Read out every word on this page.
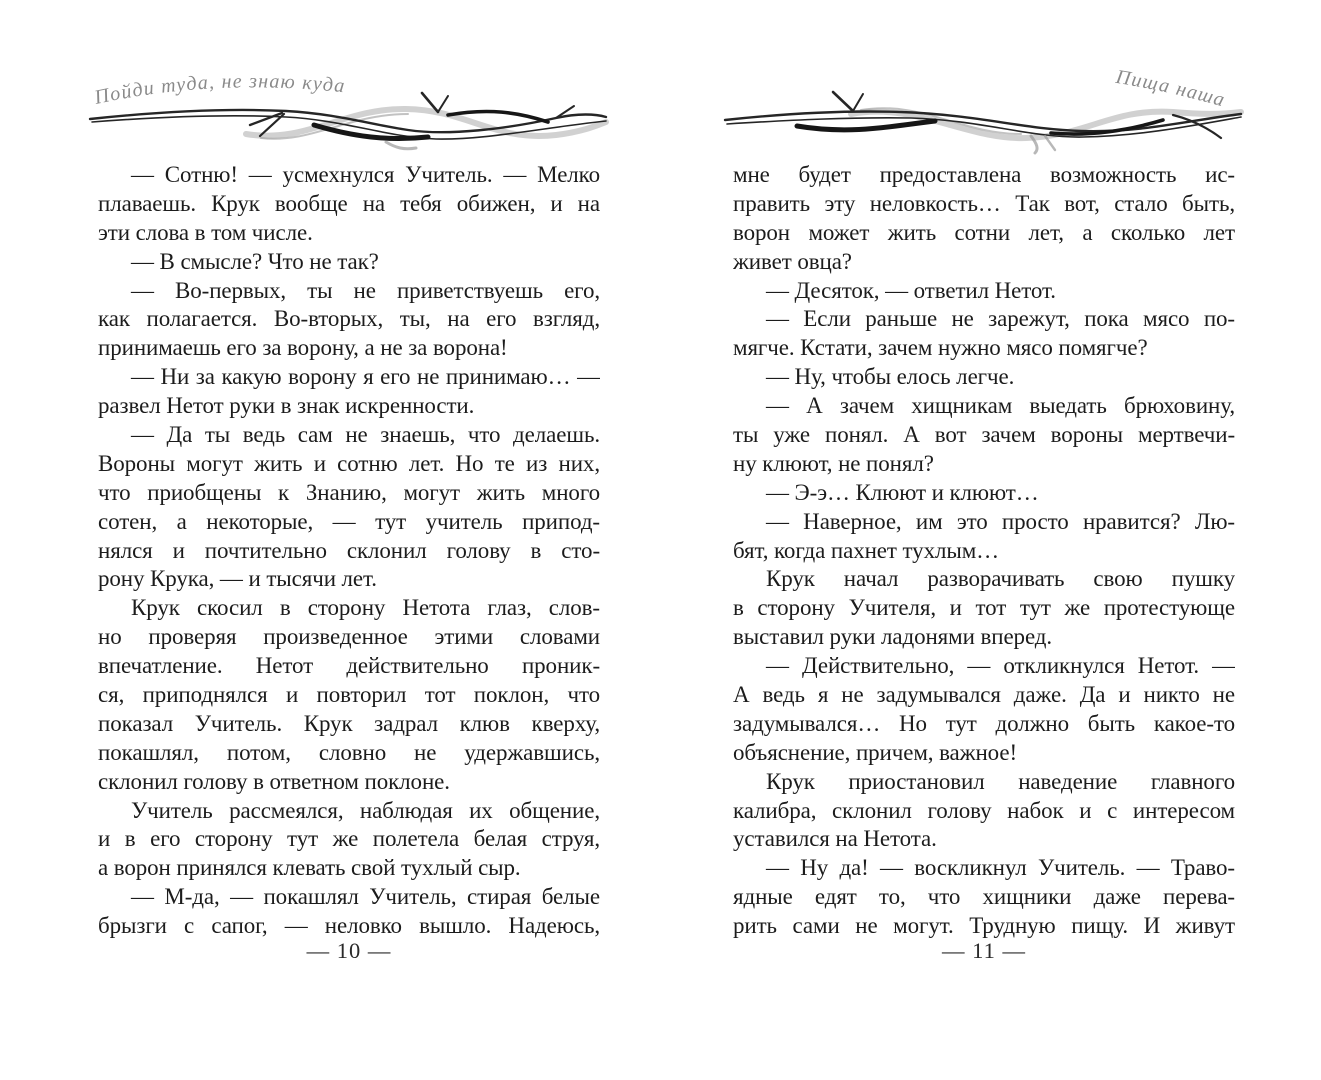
Пойди туда, не знаю куда
— Сотню! — усмехнулся Учитель. — Мелко
плаваешь. Крук вообще на тебя обижен, и на
эти слова в том числе.
— В смысле? Что не так?
— Во-первых, ты не приветствуешь его,
как полагается. Во-вторых, ты, на его взгляд,
принимаешь его за ворону, а не за ворона!
— Ни за какую ворону я его не принимаю… —
развел Нетот руки в знак искренности.
— Да ты ведь сам не знаешь, что делаешь.
Вороны могут жить и сотню лет. Но те из них,
что приобщены к Знанию, могут жить много
сотен, а некоторые, — тут учитель припод-
нялся и почтительно склонил голову в сто-
рону Крука, — и тысячи лет.
Крук скосил в сторону Нетота глаз, слов-
но проверяя произведенное этими словами
впечатление. Нетот действительно проник-
ся, приподнялся и повторил тот поклон, что
показал Учитель. Крук задрал клюв кверху,
покашлял, потом, словно не удержавшись,
склонил голову в ответном поклоне.
Учитель рассмеялся, наблюдая их общение,
и в его сторону тут же полетела белая струя,
а ворон принялся клевать свой тухлый сыр.
— М-да, — покашлял Учитель, стирая белые
брызги с сапог, — неловко вышло. Надеюсь,
— 10 —
Пища наша
мне будет предоставлена возможность ис-
править эту неловкость… Так вот, стало быть,
ворон может жить сотни лет, а сколько лет
живет овца?
— Десяток, — ответил Нетот.
— Если раньше не зарежут, пока мясо по-
мягче. Кстати, зачем нужно мясо помягче?
— Ну, чтобы елось легче.
— А зачем хищникам выедать брюховину,
ты уже понял. А вот зачем вороны мертвечи-
ну клюют, не понял?
— Э-э… Клюют и клюют…
— Наверное, им это просто нравится? Лю-
бят, когда пахнет тухлым…
Крук начал разворачивать свою пушку
в сторону Учителя, и тот тут же протестующе
выставил руки ладонями вперед.
— Действительно, — откликнулся Нетот. —
А ведь я не задумывался даже. Да и никто не
задумывался… Но тут должно быть какое-то
объяснение, причем, важное!
Крук приостановил наведение главного
калибра, склонил голову набок и с интересом
уставился на Нетота.
— Ну да! — воскликнул Учитель. — Траво-
ядные едят то, что хищники даже перева-
рить сами не могут. Трудную пищу. И живут
— 11 —
